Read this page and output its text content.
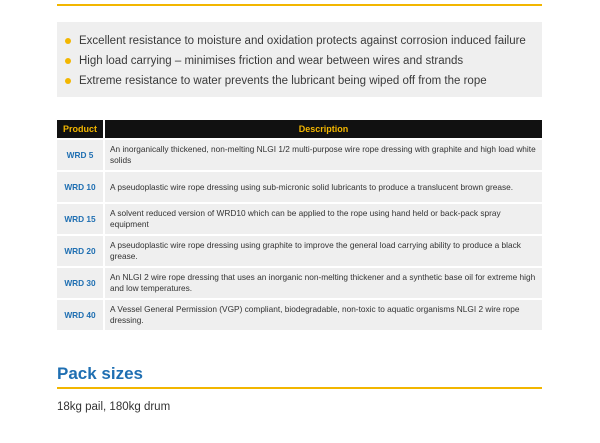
Excellent resistance to moisture and oxidation protects against corrosion induced failure
High load carrying – minimises friction and wear between wires and strands
Extreme resistance to water prevents the lubricant being wiped off from the rope
Product	Description
WRD 5	An inorganically thickened, non-melting NLGI 1/2 multi-purpose wire rope dressing with graphite and high load white solids
WRD 10	A pseudoplastic wire rope dressing using sub-micronic solid lubricants to produce a translucent brown grease.
WRD 15	A solvent reduced version of WRD10 which can be applied to the rope using hand held or back-pack spray equipment
WRD 20	A pseudoplastic wire rope dressing using graphite to improve the general load carrying ability to produce a black grease.
WRD 30	An NLGI 2 wire rope dressing that uses an inorganic non-melting thickener and a synthetic base oil for extreme high and low temperatures.
WRD 40	A Vessel General Permission (VGP) compliant, biodegradable, non-toxic to aquatic organisms NLGI 2 wire rope dressing.
Pack sizes
18kg pail, 180kg drum
